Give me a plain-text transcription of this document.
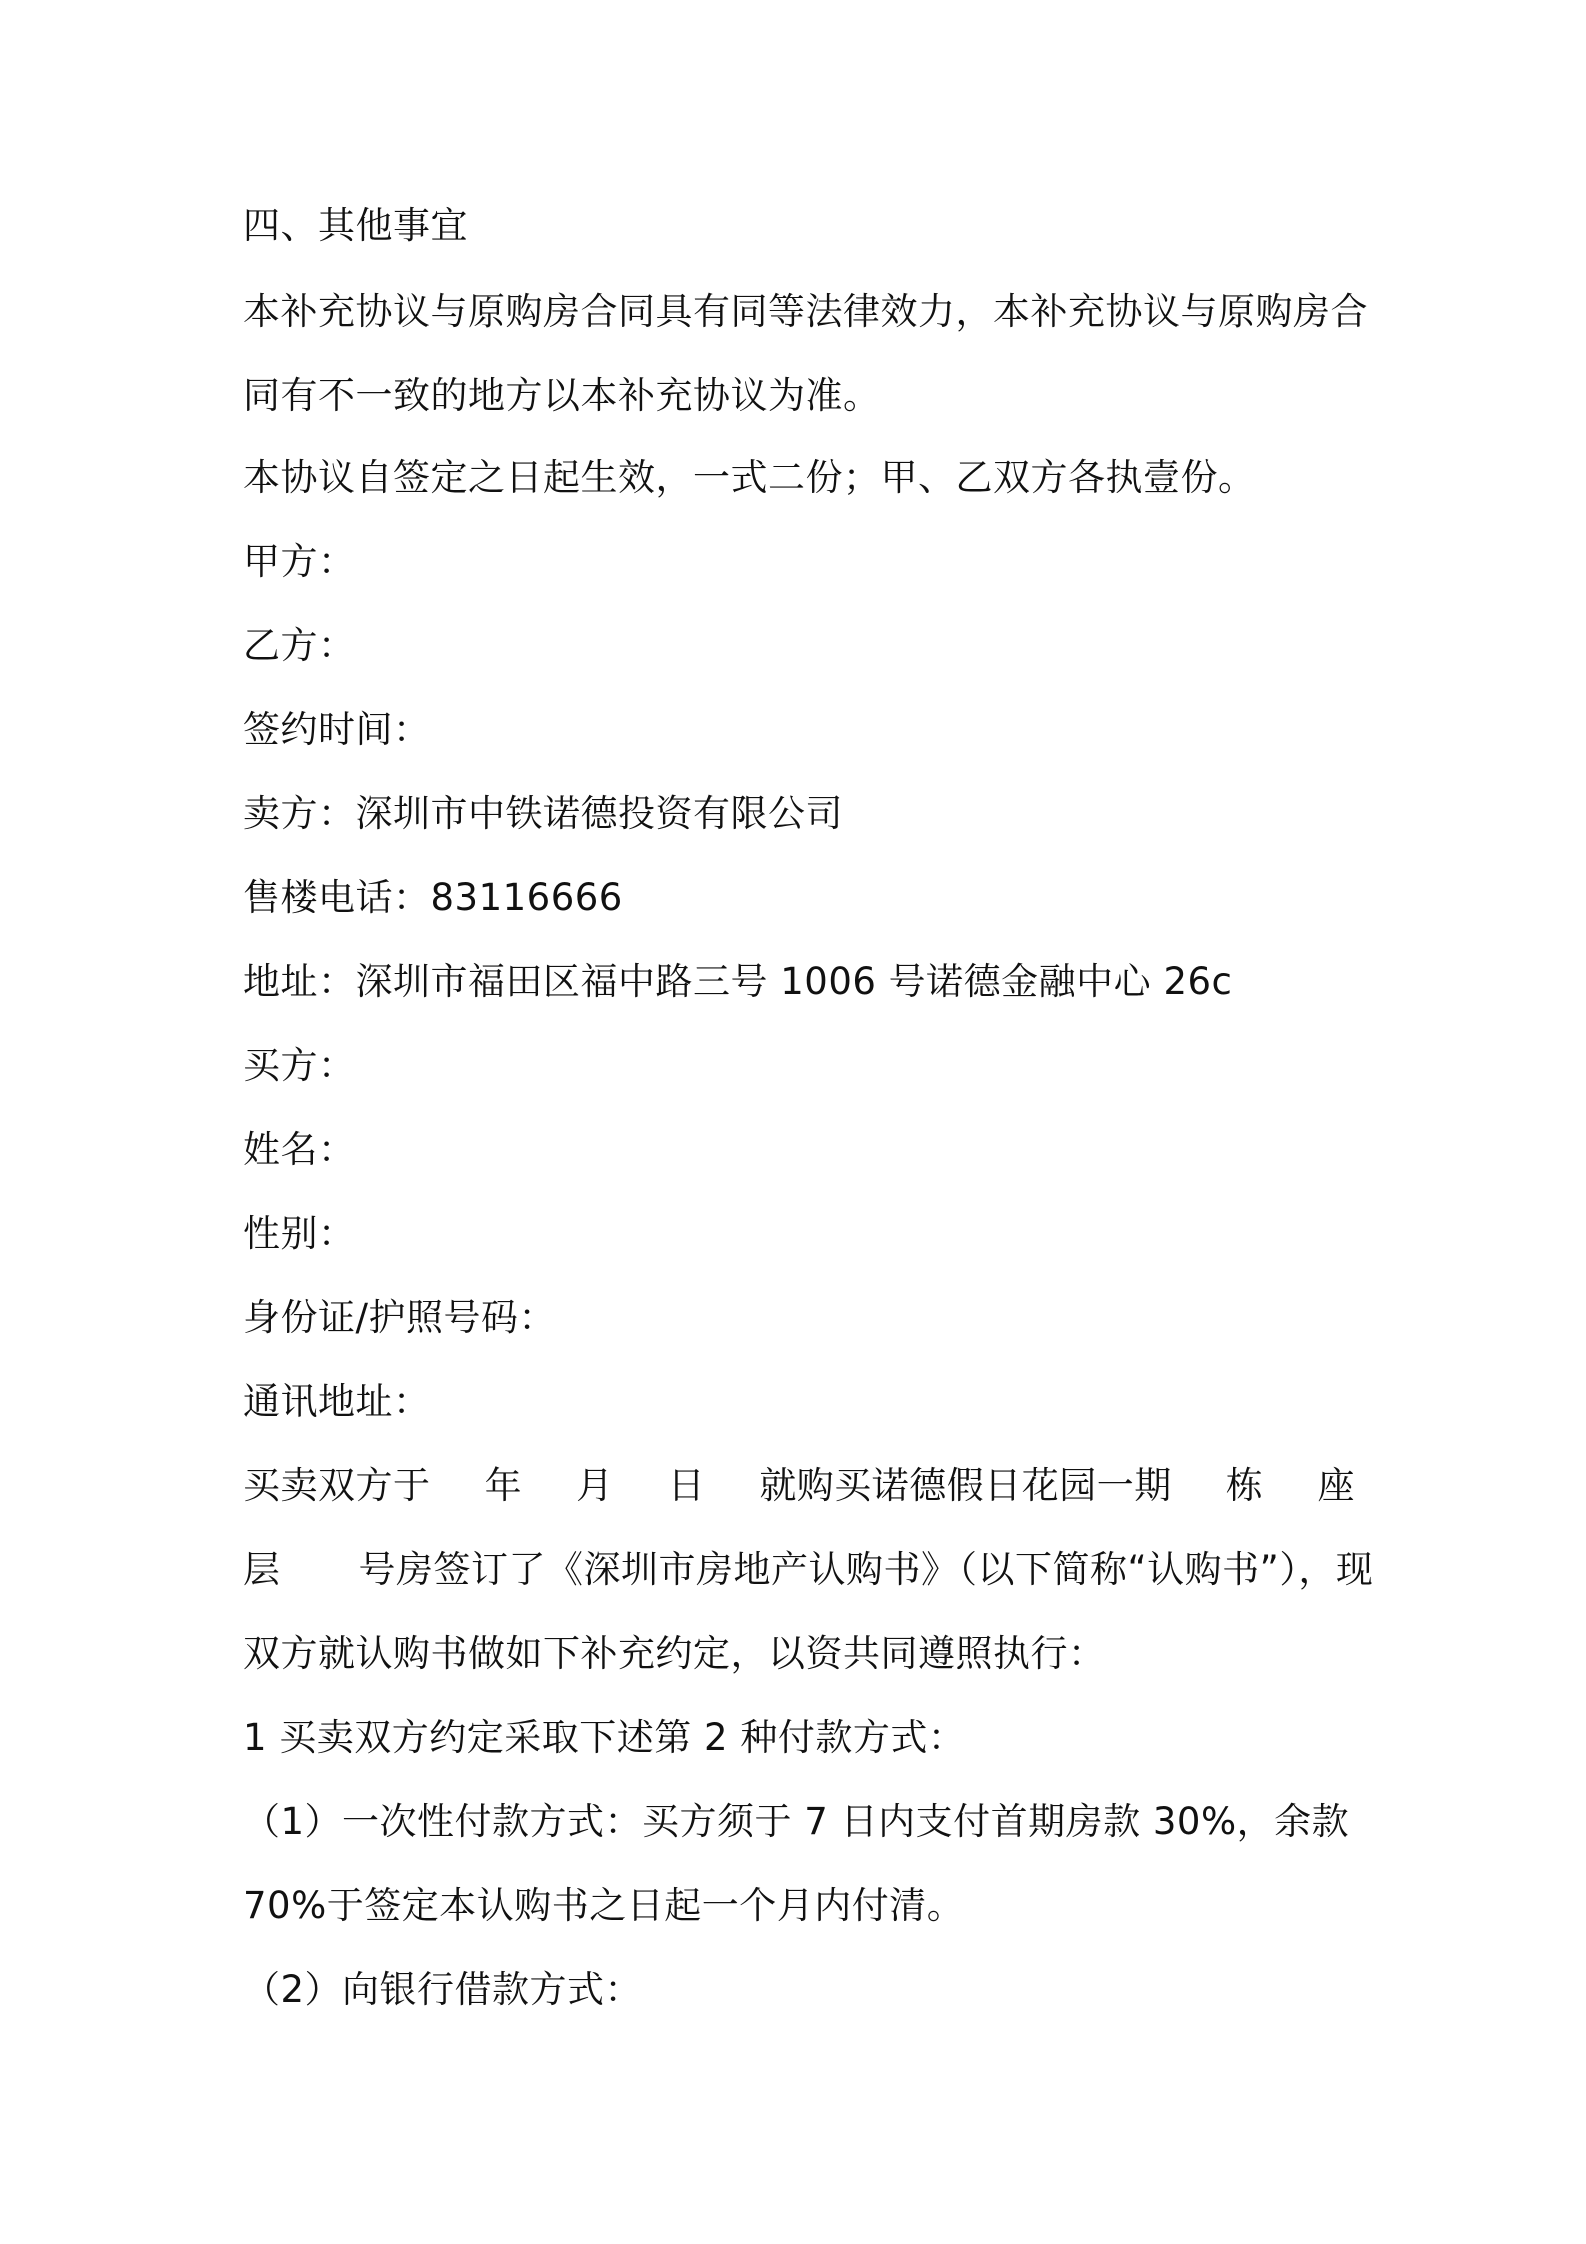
四、其他事宜
本补充协议与原购房合同具有同等法律效力，本补充协议与原购房合
同有不一致的地方以本补充协议为准。
本协议自签定之日起生效，一式二份；甲、乙双方各执壹份。
甲方：
乙方：
签约时间：
卖方：深圳市中铁诺德投资有限公司
售楼电话：83116666
地址：深圳市福田区福中路三号 1006 号诺德金融中心 26c
买方：
姓名：
性别：
身份证/护照号码：
通讯地址：
买卖双方于 年 月 日 就购买诺德假日花园一期 栋 座
层 号房签订了《深圳市房地产认购书》（以下简称“认购书”），现
双方就认购书做如下补充约定，以资共同遵照执行：
1 买卖双方约定采取下述第 2 种付款方式：
（1）一次性付款方式：买方须于 7 日内支付首期房款 30%，余款
70%于签定本认购书之日起一个月内付清。
（2）向银行借款方式：
